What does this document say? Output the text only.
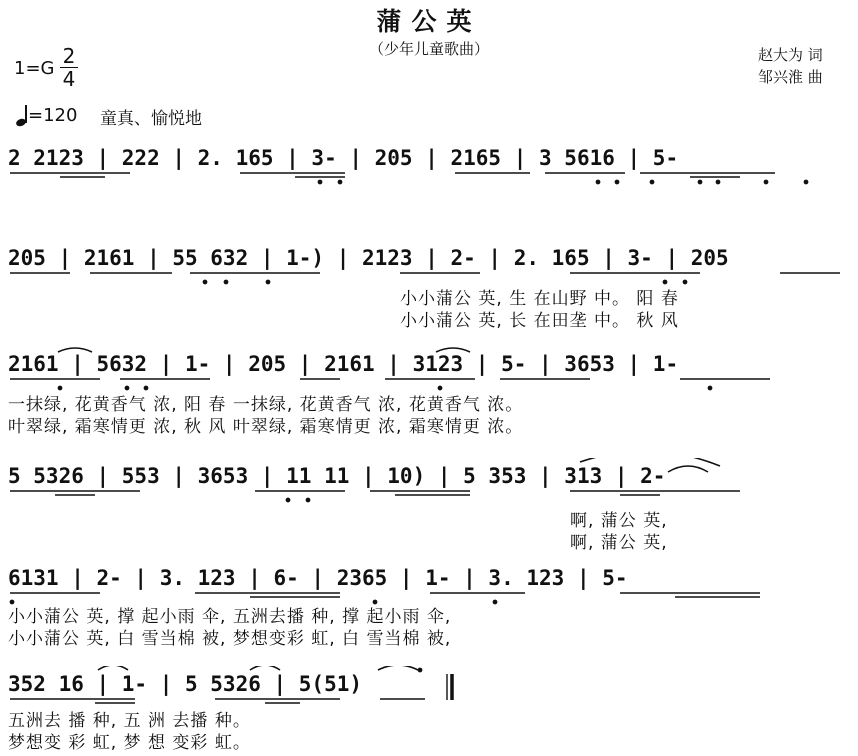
蒲公英
（少年儿童歌曲）	赵大为 词
邹兴淮 曲
1=G
2
4
=120 童真、愉悦地
2 2123 | 222 | 2. 165 | 3- | 205 | 2165 | 3 5616 | 5-
205 | 2161 | 55 632 | 1-) | 2123 | 2- | 2. 165 | 3- | 205
小小蒲公 英, 生 在山野 中。 阳 春
小小蒲公 英, 长 在田垄 中。 秋 风
2161 | 5632 | 1- | 205 | 2161 | 3123 | 5- | 3653 | 1-
一抹绿, 花黄香气 浓, 阳 春 一抹绿, 花黄香气 浓, 花黄香气 浓。
叶翠绿, 霜寒情更 浓, 秋 风 叶翠绿, 霜寒情更 浓, 霜寒情更 浓。
5 5326 | 553 | 3653 | 11 11 | 10) | 5 353 | 313 | 2-
啊, 蒲公 英,
啊, 蒲公 英,
6131 | 2- | 3. 123 | 6- | 2365 | 1- | 3. 123 | 5-
小小蒲公 英, 撑 起小雨 伞, 五洲去播 种, 撑 起小雨 伞,
小小蒲公 英, 白 雪当棉 被, 梦想变彩 虹, 白 雪当棉 被,
352 16 | 1- | 5 5326 | 5(51)
五洲去 播 种, 五 洲 去播 种。
梦想变 彩 虹, 梦 想 变彩 虹。
